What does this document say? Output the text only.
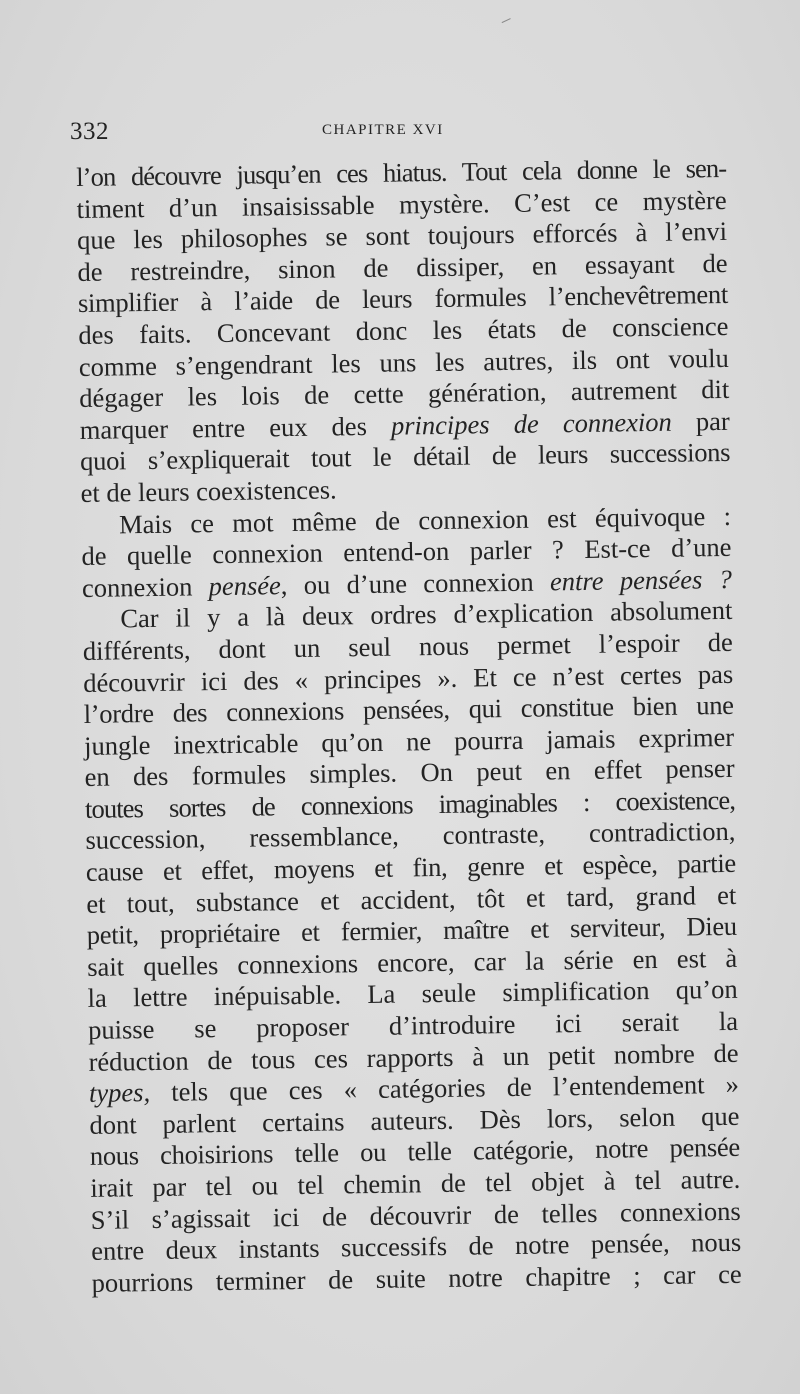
⸝
332	CHAPITRE XVI
l’on découvre jusqu’en ces hiatus. Tout cela donne le sen-
timent d’un insaisissable mystère. C’est ce mystère
que les philosophes se sont toujours efforcés à l’envi
de restreindre, sinon de dissiper, en essayant de
simplifier à l’aide de leurs formules l’enchevêtrement
des faits. Concevant donc les états de conscience
comme s’engendrant les uns les autres, ils ont voulu
dégager les lois de cette génération, autrement dit
marquer entre eux des principes de connexion par
quoi s’expliquerait tout le détail de leurs successions
et de leurs coexistences.
Mais ce mot même de connexion est équivoque :
de quelle connexion entend-on parler ? Est-ce d’une
connexion pensée, ou d’une connexion entre pensées ?
Car il y a là deux ordres d’explication absolument
différents, dont un seul nous permet l’espoir de
découvrir ici des « principes ». Et ce n’est certes pas
l’ordre des connexions pensées, qui constitue bien une
jungle inextricable qu’on ne pourra jamais exprimer
en des formules simples. On peut en effet penser
toutes sortes de connexions imaginables : coexistence,
succession, ressemblance, contraste, contradiction,
cause et effet, moyens et fin, genre et espèce, partie
et tout, substance et accident, tôt et tard, grand et
petit, propriétaire et fermier, maître et serviteur, Dieu
sait quelles connexions encore, car la série en est à
la lettre inépuisable. La seule simplification qu’on
puisse se proposer d’introduire ici serait la
réduction de tous ces rapports à un petit nombre de
types, tels que ces « catégories de l’entendement »
dont parlent certains auteurs. Dès lors, selon que
nous choisirions telle ou telle catégorie, notre pensée
irait par tel ou tel chemin de tel objet à tel autre.
S’il s’agissait ici de découvrir de telles connexions
entre deux instants successifs de notre pensée, nous
pourrions terminer de suite notre chapitre ; car ce
